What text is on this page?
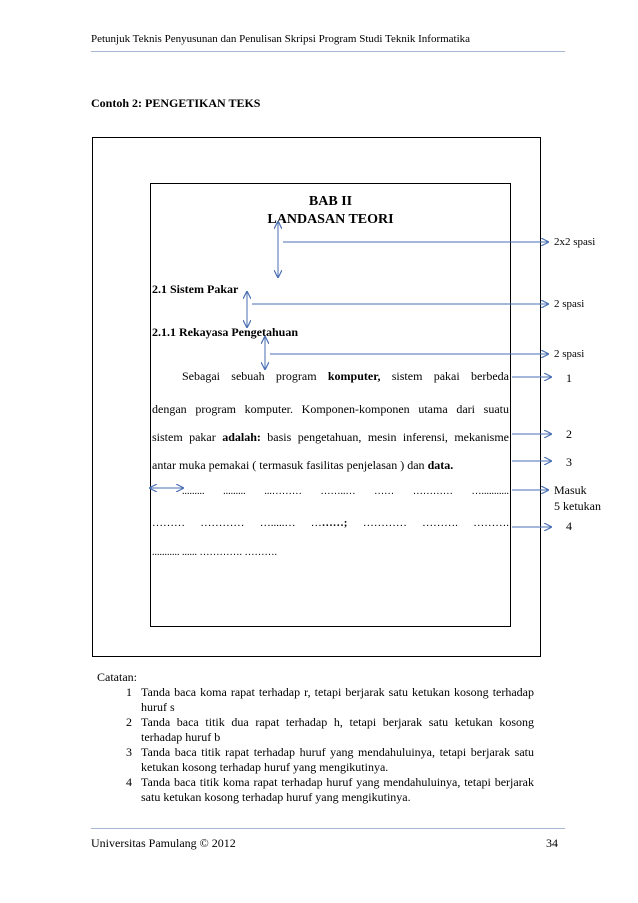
Petunjuk Teknis Penyusunan dan Penulisan Skripsi Program Studi Teknik Informatika
Contoh 2: PENGETIKAN TEKS
BAB II
LANDASAN TEORI
2.1 Sistem Pakar
2.1.1 Rekayasa Pengetahuan
Sebagai sebuah program komputer, sistem pakai berbeda
dengan program komputer. Komponen-komponen utama dari suatu
sistem pakar adalah: basis pengetahuan, mesin inferensi, mekanisme
antar muka pemakai ( termasuk fasilitas penjelasan ) dan data.
......... ......... ...……… ……..… …… ………… …...........
……… ………… ….....… ………; ………… ………. ……….
........... ...... …………. ……….
2x2 spasi
2 spasi
2 spasi
1
2
3
Masuk
5 ketukan
4
Catatan:
1 Tanda baca koma rapat terhadap r, tetapi berjarak satu ketukan kosong terhadap huruf s
2 Tanda baca titik dua rapat terhadap h, tetapi berjarak satu ketukan kosong terhadap huruf b
3 Tanda baca titik rapat terhadap huruf yang mendahuluinya, tetapi berjarak satu ketukan kosong terhadap huruf yang mengikutinya.
4 Tanda baca titik koma rapat terhadap huruf yang mendahuluinya, tetapi berjarak satu ketukan kosong terhadap huruf yang mengikutinya.
Universitas Pamulang © 2012	34
